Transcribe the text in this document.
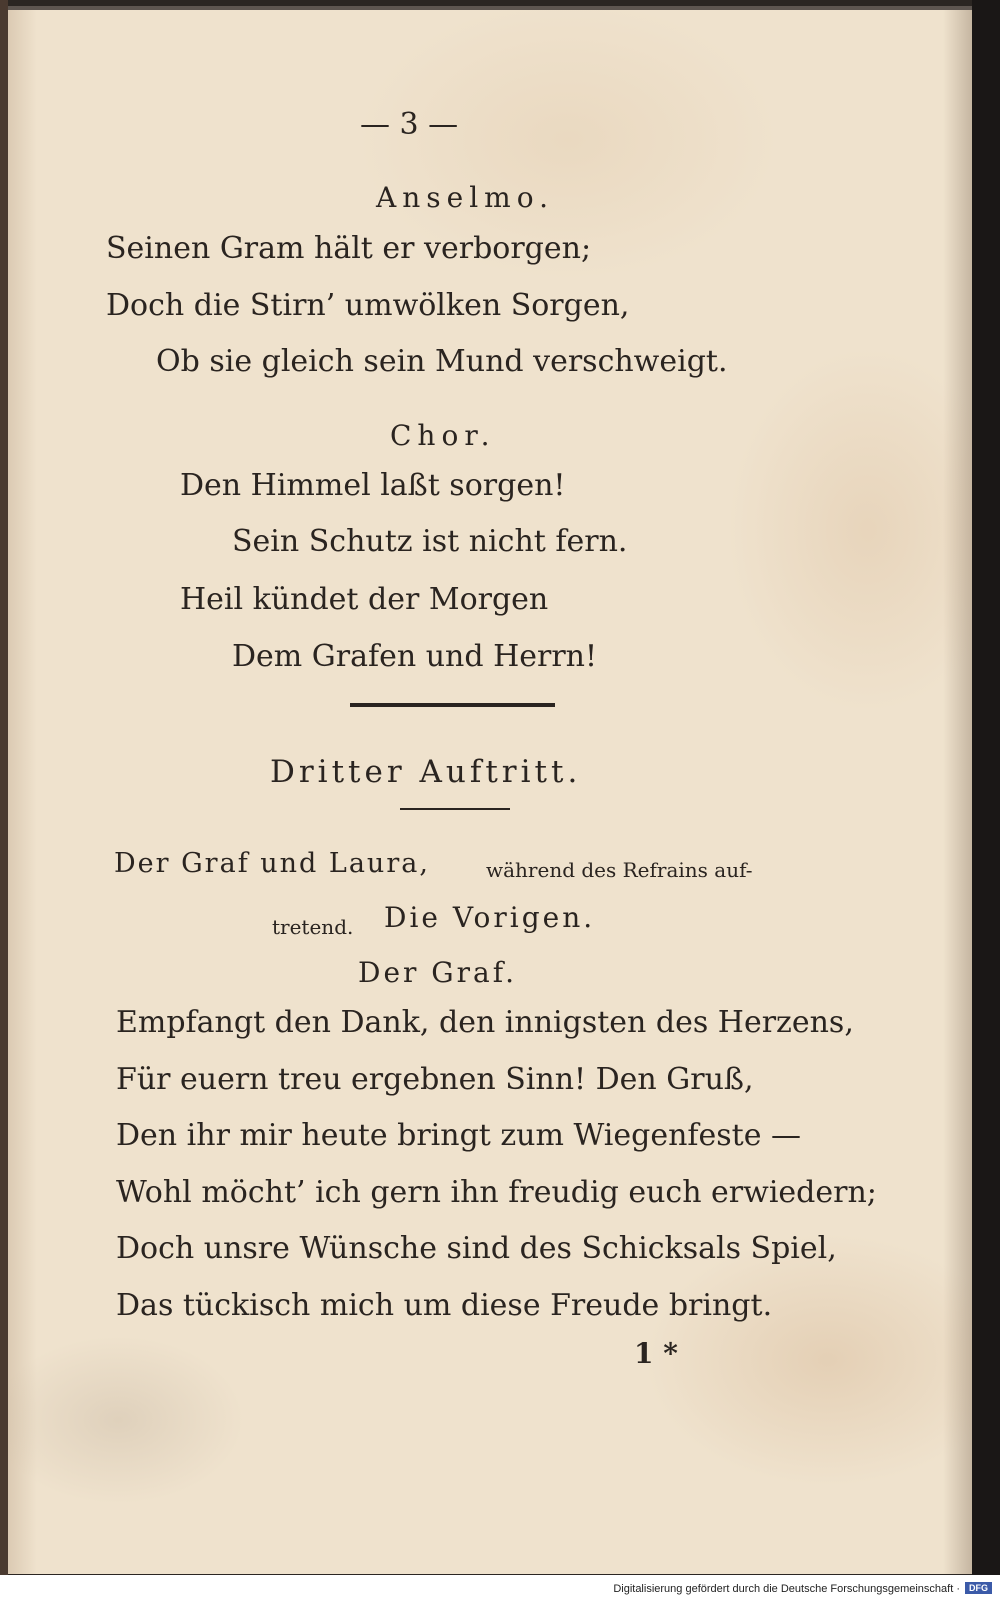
— 3 —
Anselmo.
Seinen Gram hält er verborgen;
Doch die Stirn’ umwölken Sorgen,
Ob sie gleich sein Mund verschweigt.
Chor.
Den Himmel laßt sorgen!
Sein Schutz ist nicht fern.
Heil kündet der Morgen
Dem Grafen und Herrn!
Dritter Auftritt.
Der Graf und Laura,	während des Refrains auf-
tretend. Die Vorigen.
Der Graf.
Empfangt den Dank, den innigsten des Herzens,
Für euern treu ergebnen Sinn! Den Gruß,
Den ihr mir heute bringt zum Wiegenfeste —
Wohl möcht’ ich gern ihn freudig euch erwiedern;
Doch unsre Wünsche sind des Schicksals Spiel,
Das tückisch mich um diese Freude bringt.
1 *
Digitalisierung gefördert durch die Deutsche Forschungsgemeinschaft ·	DFG
